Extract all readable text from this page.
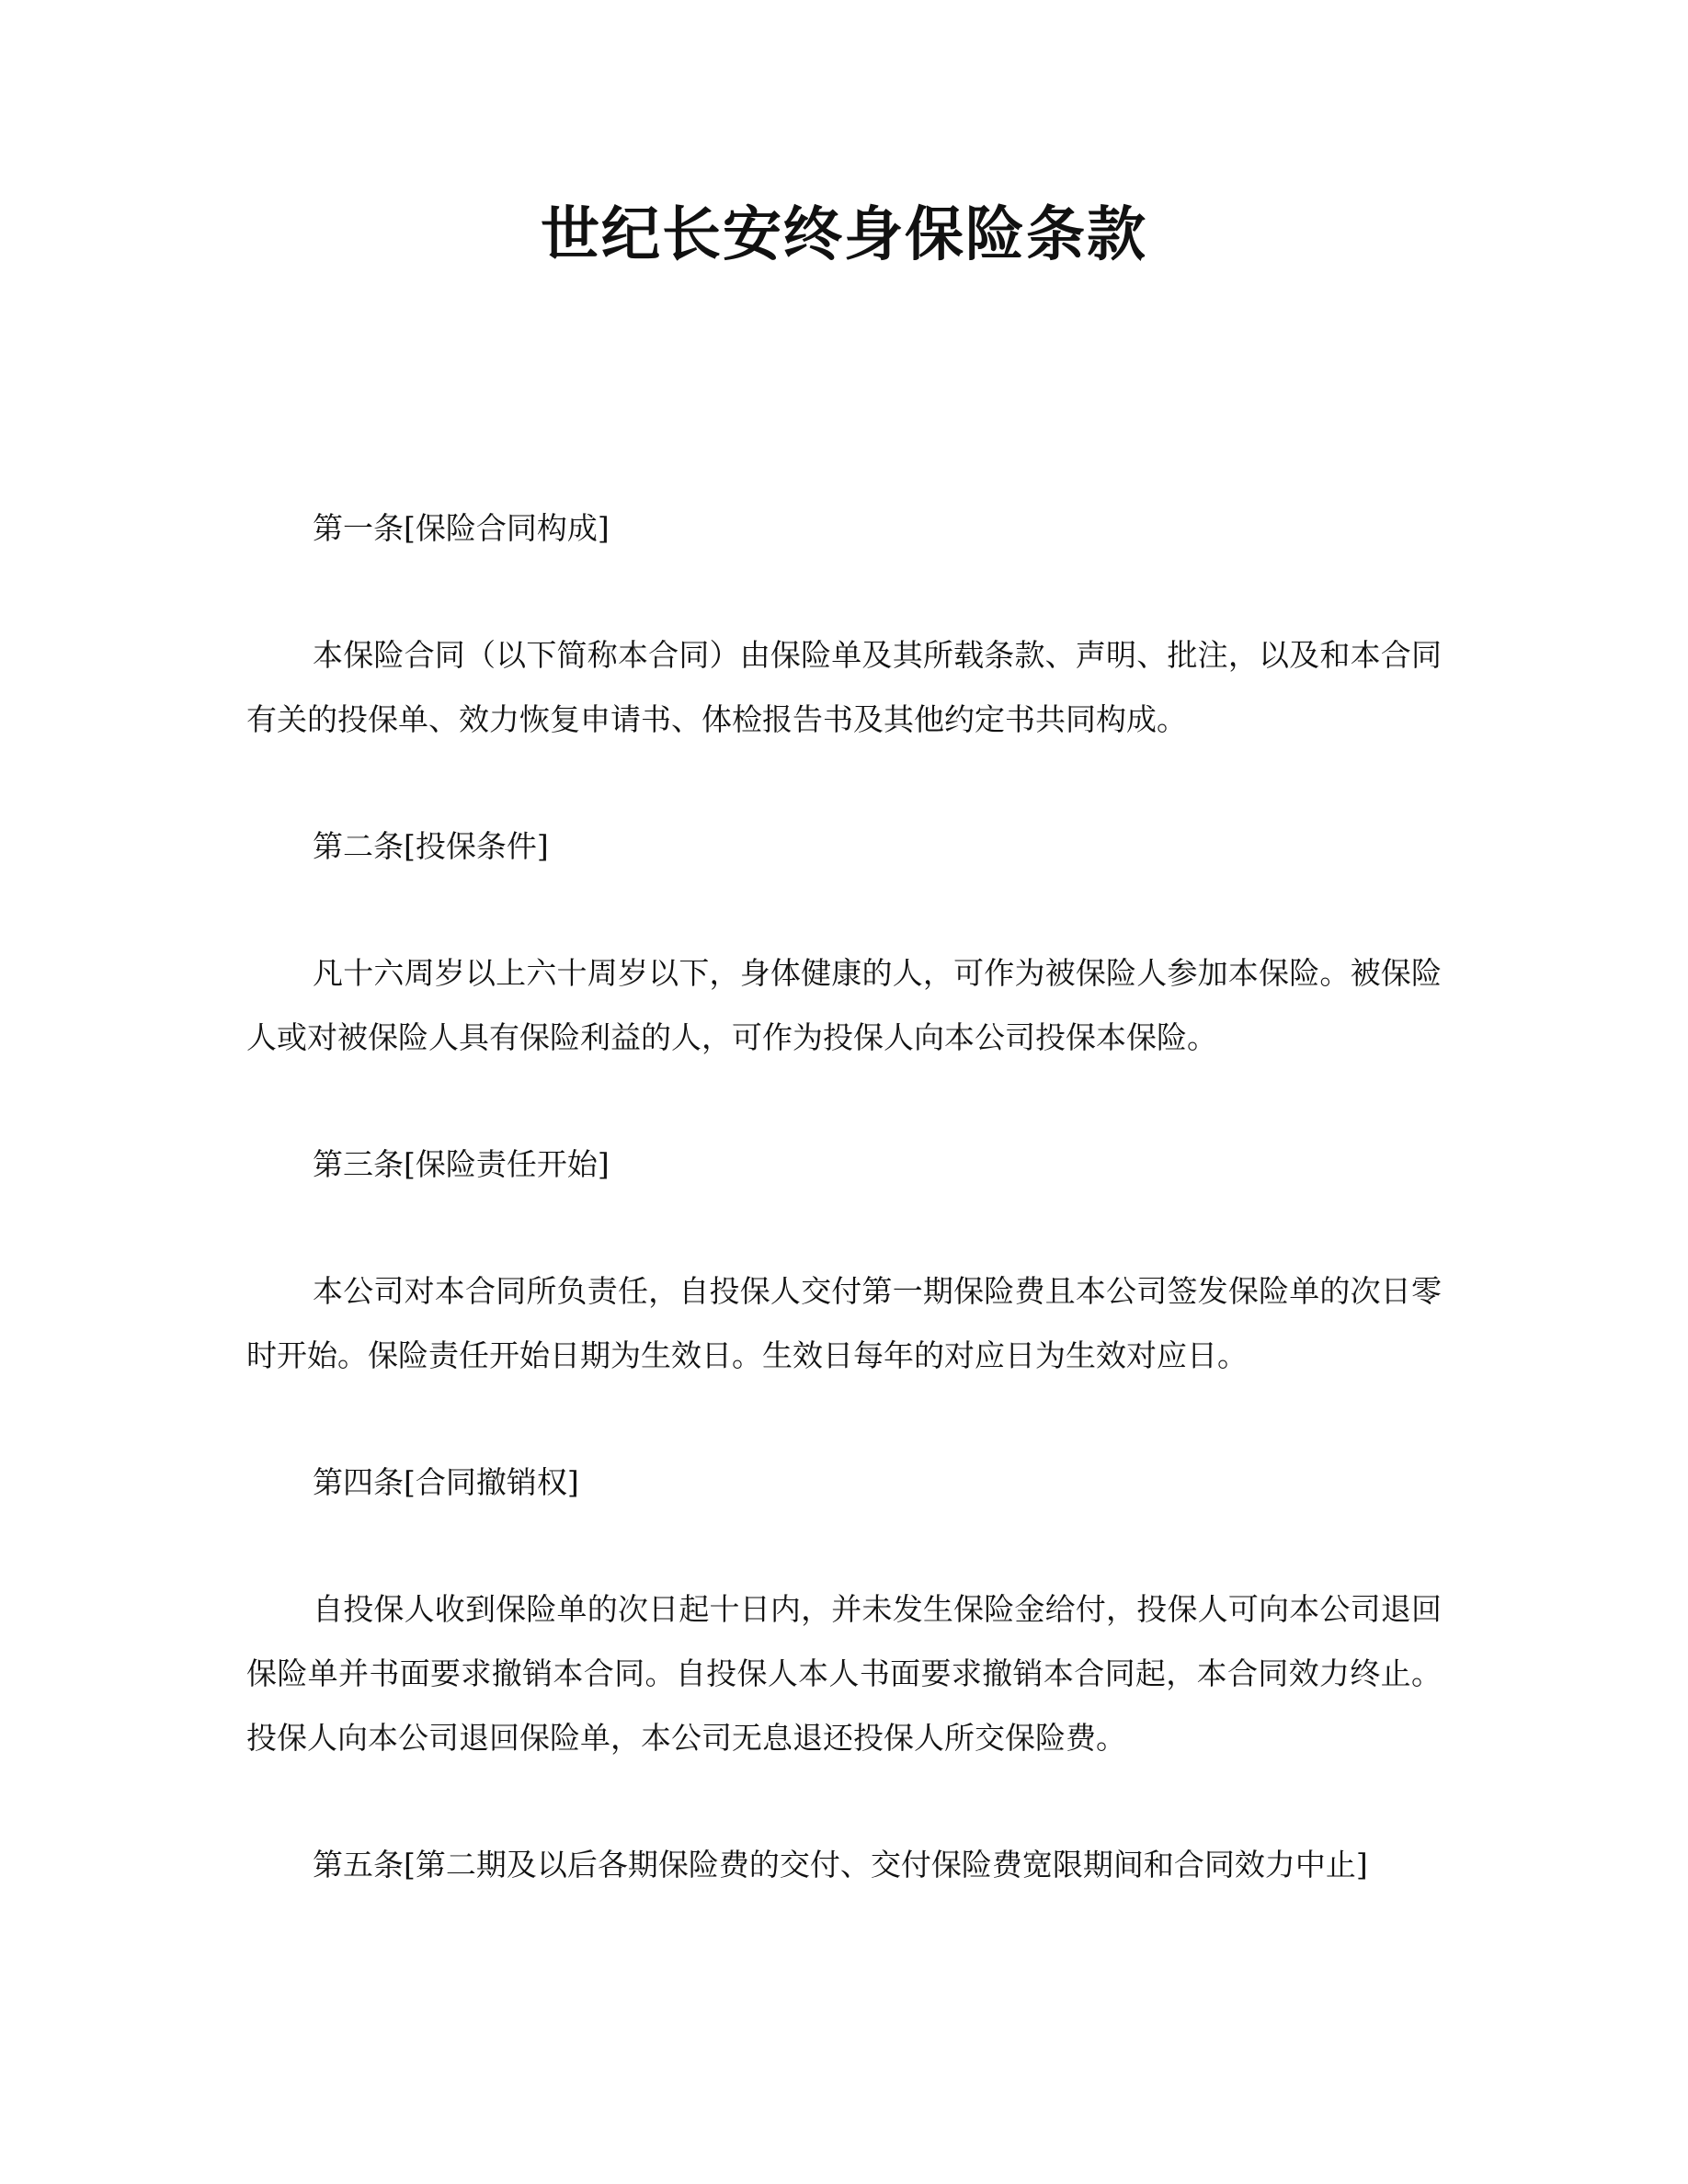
世纪长安终身保险条款

第一条[保险合同构成]

本保险合同（以下简称本合同）由保险单及其所载条款、声明、批注，以及和本合同有关的投保单、效力恢复申请书、体检报告书及其他约定书共同构成。

第二条[投保条件]

凡十六周岁以上六十周岁以下，身体健康的人，可作为被保险人参加本保险。被保险人或对被保险人具有保险利益的人，可作为投保人向本公司投保本保险。

第三条[保险责任开始]

本公司对本合同所负责任，自投保人交付第一期保险费且本公司签发保险单的次日零时开始。保险责任开始日期为生效日。生效日每年的对应日为生效对应日。

第四条[合同撤销权]

自投保人收到保险单的次日起十日内，并未发生保险金给付，投保人可向本公司退回保险单并书面要求撤销本合同。自投保人本人书面要求撤销本合同起，本合同效力终止。投保人向本公司退回保险单，本公司无息退还投保人所交保险费。

第五条[第二期及以后各期保险费的交付、交付保险费宽限期间和合同效力中止]
